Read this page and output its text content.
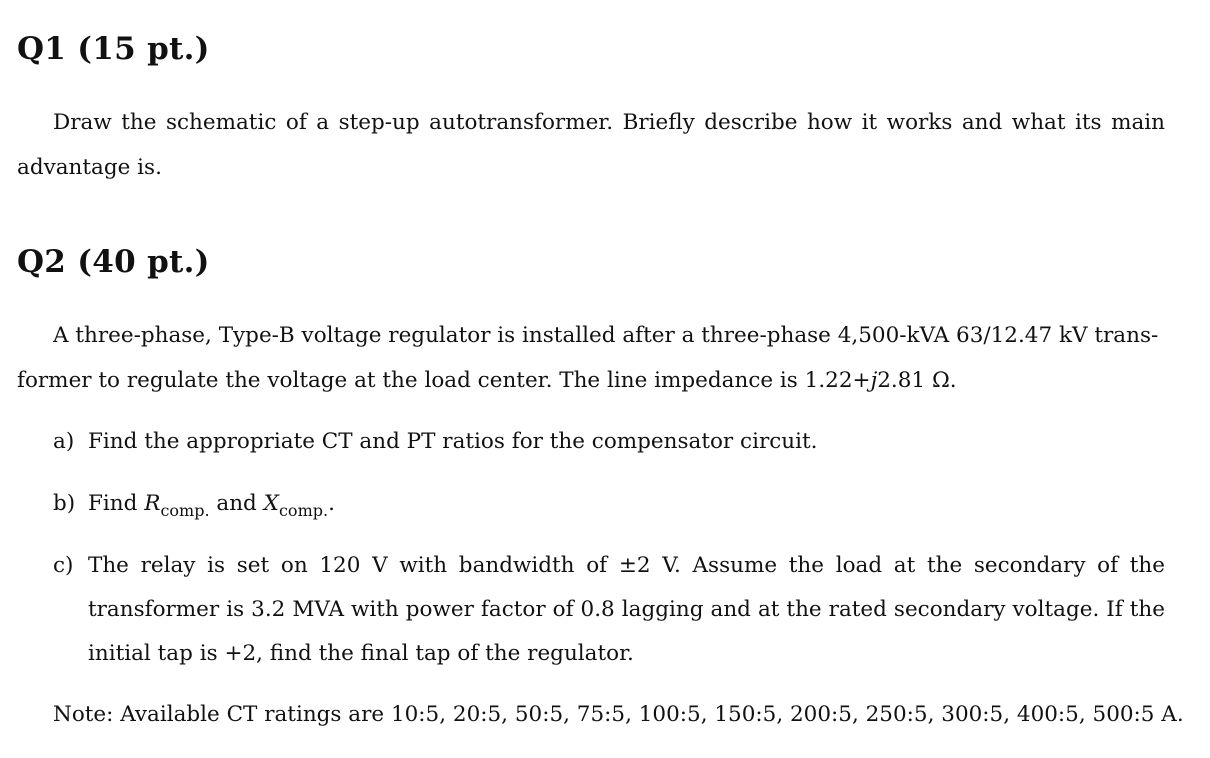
Q1 (15 pt.)

Draw the schematic of a step-up autotransformer. Briefly describe how it works and what its main advantage is.

Q2 (40 pt.)

A three-phase, Type-B voltage regulator is installed after a three-phase 4,500-kVA 63/12.47 kV trans-

former to regulate the voltage at the load center. The line impedance is 1.22+j2.81 Ω.

a) Find the appropriate CT and PT ratios for the compensator circuit.

b) Find $R_{comp.}$ and $X_{comp.}$.

c) The relay is set on 120 V with bandwidth of ±2 V. Assume the load at the secondary of the transformer is 3.2 MVA with power factor of 0.8 lagging and at the rated secondary voltage. If the initial tap is +2, find the final tap of the regulator.

Note: Available CT ratings are 10:5, 20:5, 50:5, 75:5, 100:5, 150:5, 200:5, 250:5, 300:5, 400:5, 500:5 A.
